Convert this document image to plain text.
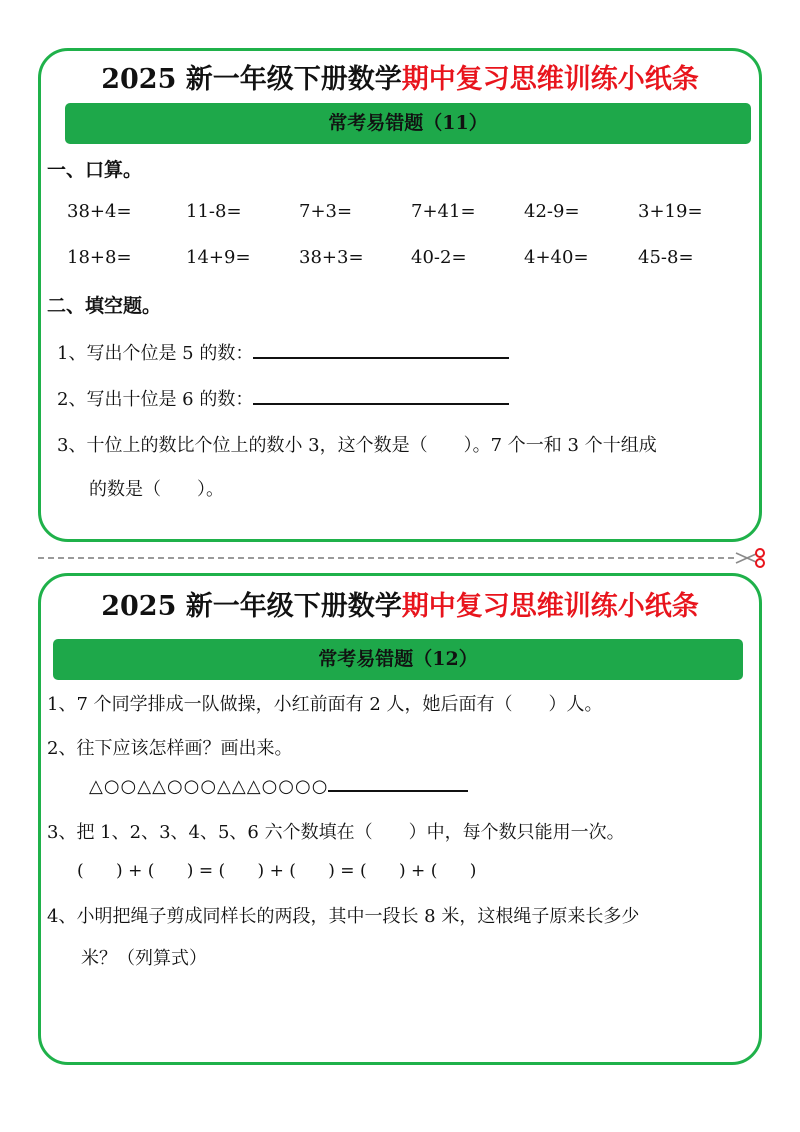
2025 新一年级下册数学期中复习思维训练小纸条
常考易错题（11）
一、口算。
38+4=	11-8=	7+3=	7+41=	42-9=	3+19=
18+8=	14+9=	38+3=	40-2=	4+40=	45-8=
二、填空题。
1、写出个位是 5 的数：
2、写出十位是 6 的数：
3、十位上的数比个位上的数小 3，这个数是（　　）。7 个一和 3 个十组成
的数是（　　）。
2025 新一年级下册数学期中复习思维训练小纸条
常考易错题（12）
1、7 个同学排成一队做操，小红前面有 2 人，她后面有（　　）人。
2、往下应该怎样画？画出来。
△○○△△○○○△△△○○○○
3、把 1、2、3、4、5、6 六个数填在（　　）中，每个数只能用一次。
(      ) + (      ) = (      ) + (      ) = (      ) + (      )
4、小明把绳子剪成同样长的两段，其中一段长 8 米，这根绳子原来长多少
米？（列算式）
